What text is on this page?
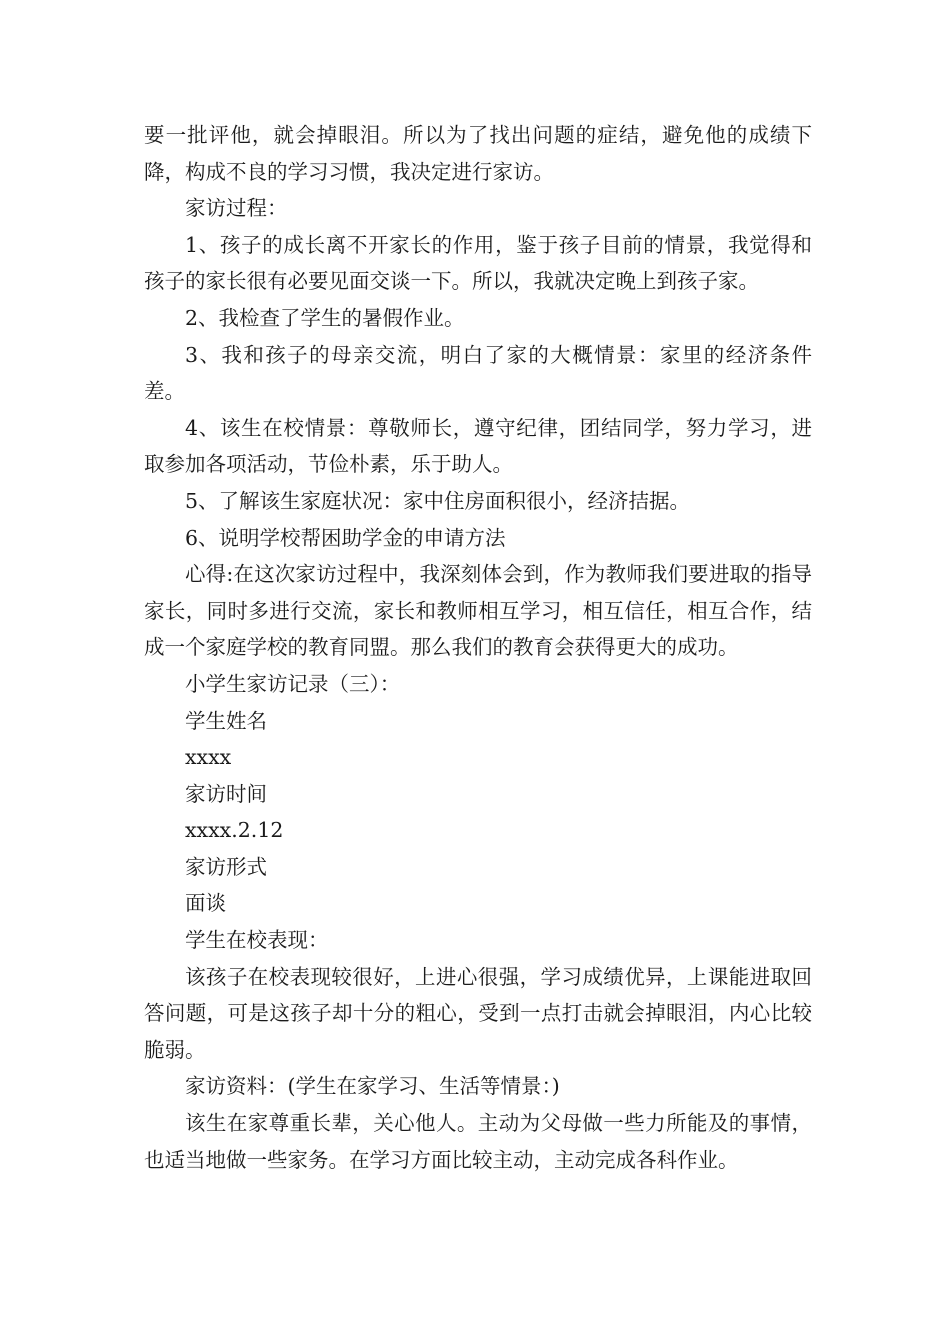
要一批评他，就会掉眼泪。所以为了找出问题的症结，避免他的成绩下降，构成不良的学习习惯，我决定进行家访。

家访过程：

1、孩子的成长离不开家长的作用，鉴于孩子目前的情景，我觉得和孩子的家长很有必要见面交谈一下。所以，我就决定晚上到孩子家。

2、我检查了学生的暑假作业。

3、我和孩子的母亲交流，明白了家的大概情景：家里的经济条件差。

4、该生在校情景：尊敬师长，遵守纪律，团结同学，努力学习，进取参加各项活动，节俭朴素，乐于助人。

5、了解该生家庭状况：家中住房面积很小，经济拮据。

6、说明学校帮困助学金的申请方法

心得:在这次家访过程中，我深刻体会到，作为教师我们要进取的指导家长，同时多进行交流，家长和教师相互学习，相互信任，相互合作，结成一个家庭学校的教育同盟。那么我们的教育会获得更大的成功。

小学生家访记录（三）：

学生姓名

xxxx

家访时间

xxxx.2.12

家访形式

面谈

学生在校表现：

该孩子在校表现较很好，上进心很强，学习成绩优异，上课能进取回答问题，可是这孩子却十分的粗心，受到一点打击就会掉眼泪，内心比较脆弱。

家访资料：(学生在家学习、生活等情景：)

该生在家尊重长辈，关心他人。主动为父母做一些力所能及的事情，也适当地做一些家务。在学习方面比较主动，主动完成各科作业。
